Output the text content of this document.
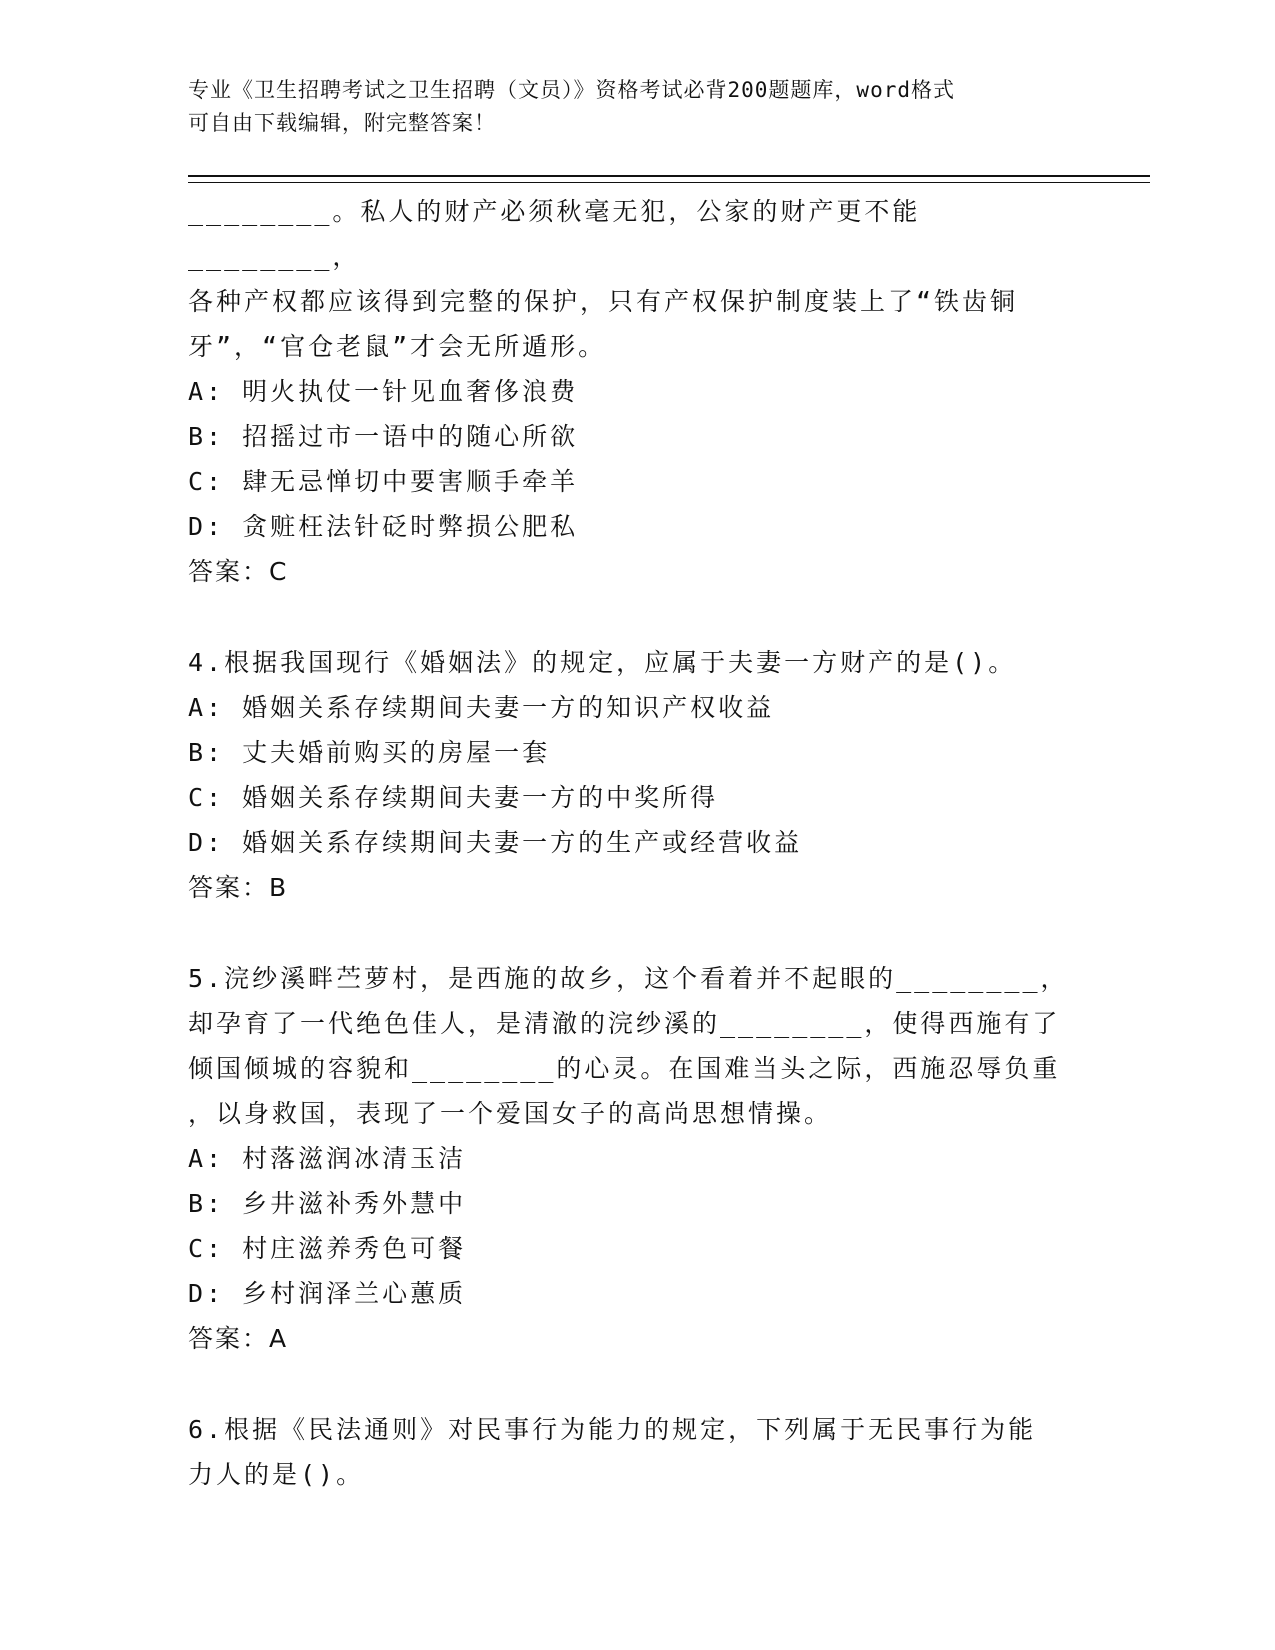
专业《卫生招聘考试之卫生招聘（文员）》资格考试必背200题题库，word格式
可自由下载编辑，附完整答案！

________。私人的财产必须秋毫无犯，公家的财产更不能________，

各种产权都应该得到完整的保护，只有产权保护制度装上了“铁齿铜

牙”，“官仓老鼠”才会无所遁形。

A: 明火执仗一针见血奢侈浪费

B: 招摇过市一语中的随心所欲

C: 肆无忌惮切中要害顺手牵羊

D: 贪赃枉法针砭时弊损公肥私

答案：C

4.根据我国现行《婚姻法》的规定，应属于夫妻一方财产的是()。

A: 婚姻关系存续期间夫妻一方的知识产权收益

B: 丈夫婚前购买的房屋一套

C: 婚姻关系存续期间夫妻一方的中奖所得

D: 婚姻关系存续期间夫妻一方的生产或经营收益

答案：B

5.浣纱溪畔苎萝村，是西施的故乡，这个看着并不起眼的________，

却孕育了一代绝色佳人，是清澈的浣纱溪的________，使得西施有了

倾国倾城的容貌和________的心灵。在国难当头之际，西施忍辱负重

，以身救国，表现了一个爱国女子的高尚思想情操。

A: 村落滋润冰清玉洁

B: 乡井滋补秀外慧中

C: 村庄滋养秀色可餐

D: 乡村润泽兰心蕙质

答案：A

6.根据《民法通则》对民事行为能力的规定，下列属于无民事行为能

力人的是()。
